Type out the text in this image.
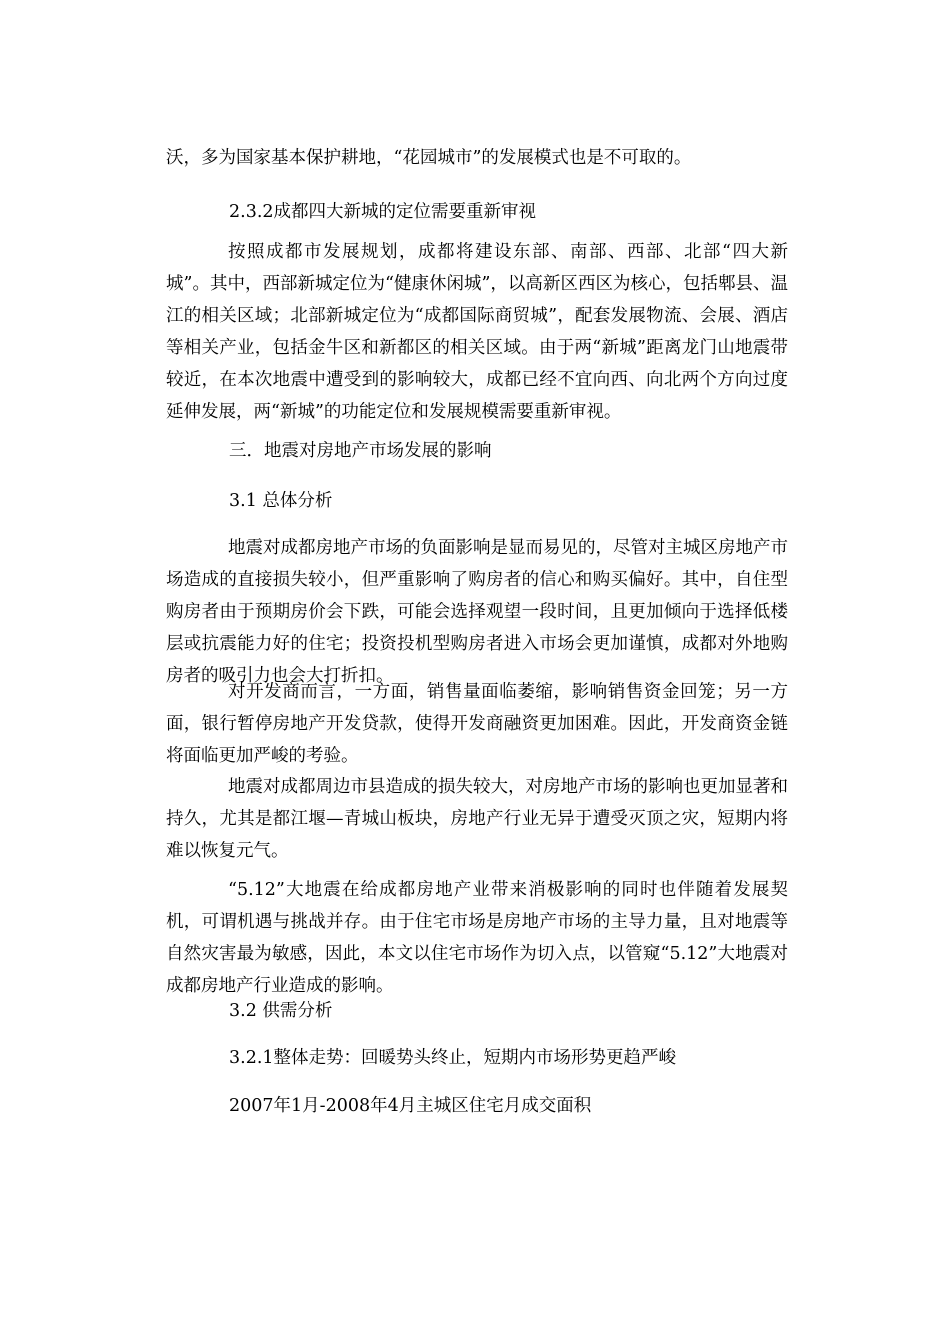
沃，多为国家基本保护耕地，“花园城市”的发展模式也是不可取的。

2.3.2成都四大新城的定位需要重新审视

按照成都市发展规划，成都将建设东部、南部、西部、北部“四大新城”。其中，西部新城定位为“健康休闲城”，以高新区西区为核心，包括郫县、温江的相关区域；北部新城定位为“成都国际商贸城”，配套发展物流、会展、酒店等相关产业，包括金牛区和新都区的相关区域。由于两“新城”距离龙门山地震带较近，在本次地震中遭受到的影响较大，成都已经不宜向西、向北两个方向过度延伸发展，两“新城”的功能定位和发展规模需要重新审视。

三．地震对房地产市场发展的影响

3.1 总体分析

地震对成都房地产市场的负面影响是显而易见的，尽管对主城区房地产市场造成的直接损失较小，但严重影响了购房者的信心和购买偏好。其中，自住型购房者由于预期房价会下跌，可能会选择观望一段时间，且更加倾向于选择低楼层或抗震能力好的住宅；投资投机型购房者进入市场会更加谨慎，成都对外地购房者的吸引力也会大打折扣。

对开发商而言，一方面，销售量面临萎缩，影响销售资金回笼；另一方面，银行暂停房地产开发贷款，使得开发商融资更加困难。因此，开发商资金链将面临更加严峻的考验。

地震对成都周边市县造成的损失较大，对房地产市场的影响也更加显著和持久，尤其是都江堰—青城山板块，房地产行业无异于遭受灭顶之灾，短期内将难以恢复元气。

“5.12”大地震在给成都房地产业带来消极影响的同时也伴随着发展契机，可谓机遇与挑战并存。由于住宅市场是房地产市场的主导力量，且对地震等自然灾害最为敏感，因此，本文以住宅市场作为切入点，以管窥“5.12”大地震对成都房地产行业造成的影响。

3.2 供需分析

3.2.1整体走势：回暖势头终止，短期内市场形势更趋严峻

2007年1月-2008年4月主城区住宅月成交面积
